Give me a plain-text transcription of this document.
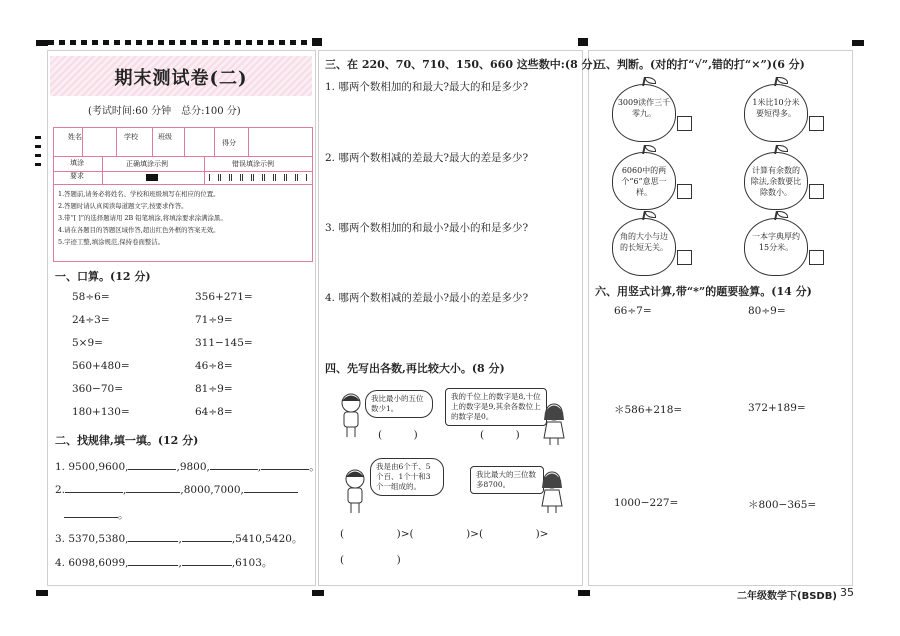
期末测试卷(二)
(考试时间:60 分钟　总分:100 分)
姓名	学校	班级
得分
填涂
要求
正确填涂示例	错误填涂示例
1.答题前,请务必将姓名、学校和班级填写在相应的位置。
2.答题时请认真阅读每道题文字,按要求作答。
3.带“[ ]”的选择题请用 2B 铅笔填涂,将填涂要求涂满涂黑。
4.请在各题目的答题区域作答,超出红色外框的答案无效。
5.字迹工整,填涂规范,保持卷面整洁。
一、口算。(12 分)
58÷6=	356+271=
24÷3=	71÷9=
5×9=	311−145=
560+480=	46÷8=
360−70=	81÷9=
180+130=	64÷8=
二、找规律,填一填。(12 分)
1. 9500,9600,	,9800,	,	。
2.	,	,8000,7000,
。
3. 5370,5380,	,	,5410,5420。
4. 6098,6099,	,	,6103。
三、在 220、70、710、150、660 这些数中:(8 分)
1. 哪两个数相加的和最大?最大的和是多少?
2. 哪两个数相减的差最大?最大的差是多少?
3. 哪两个数相加的和最小?最小的和是多少?
4. 哪两个数相减的差最小?最小的差是多少?
四、先写出各数,再比较大小。(8 分)
我比最小的五位数少1。
(　　　)
我的千位上的数字是8,十位上的数字是9,其余各数位上的数字是0。
(　　　)
我是由6个千、5个百、1个十和3个一组成的。
我比最大的三位数多8700。
(　　　　　)>(　　　　　)>(　　　　　)>
(　　　　　)
五、判断。(对的打“√”,错的打“×”)(6 分)
3009读作三千零九。
1米比10分米要短得多。
6060中的两个“6”意思一样。
计算有余数的除法,余数要比除数小。
角的大小与边的长短无关。
一本字典厚约15分米。
六、用竖式计算,带“*”的题要验算。(14 分)
66÷7=	80÷9=
＊586+218=	372+189=
1000−227=	＊800−365=
二年级数学下(BSDB) 35
